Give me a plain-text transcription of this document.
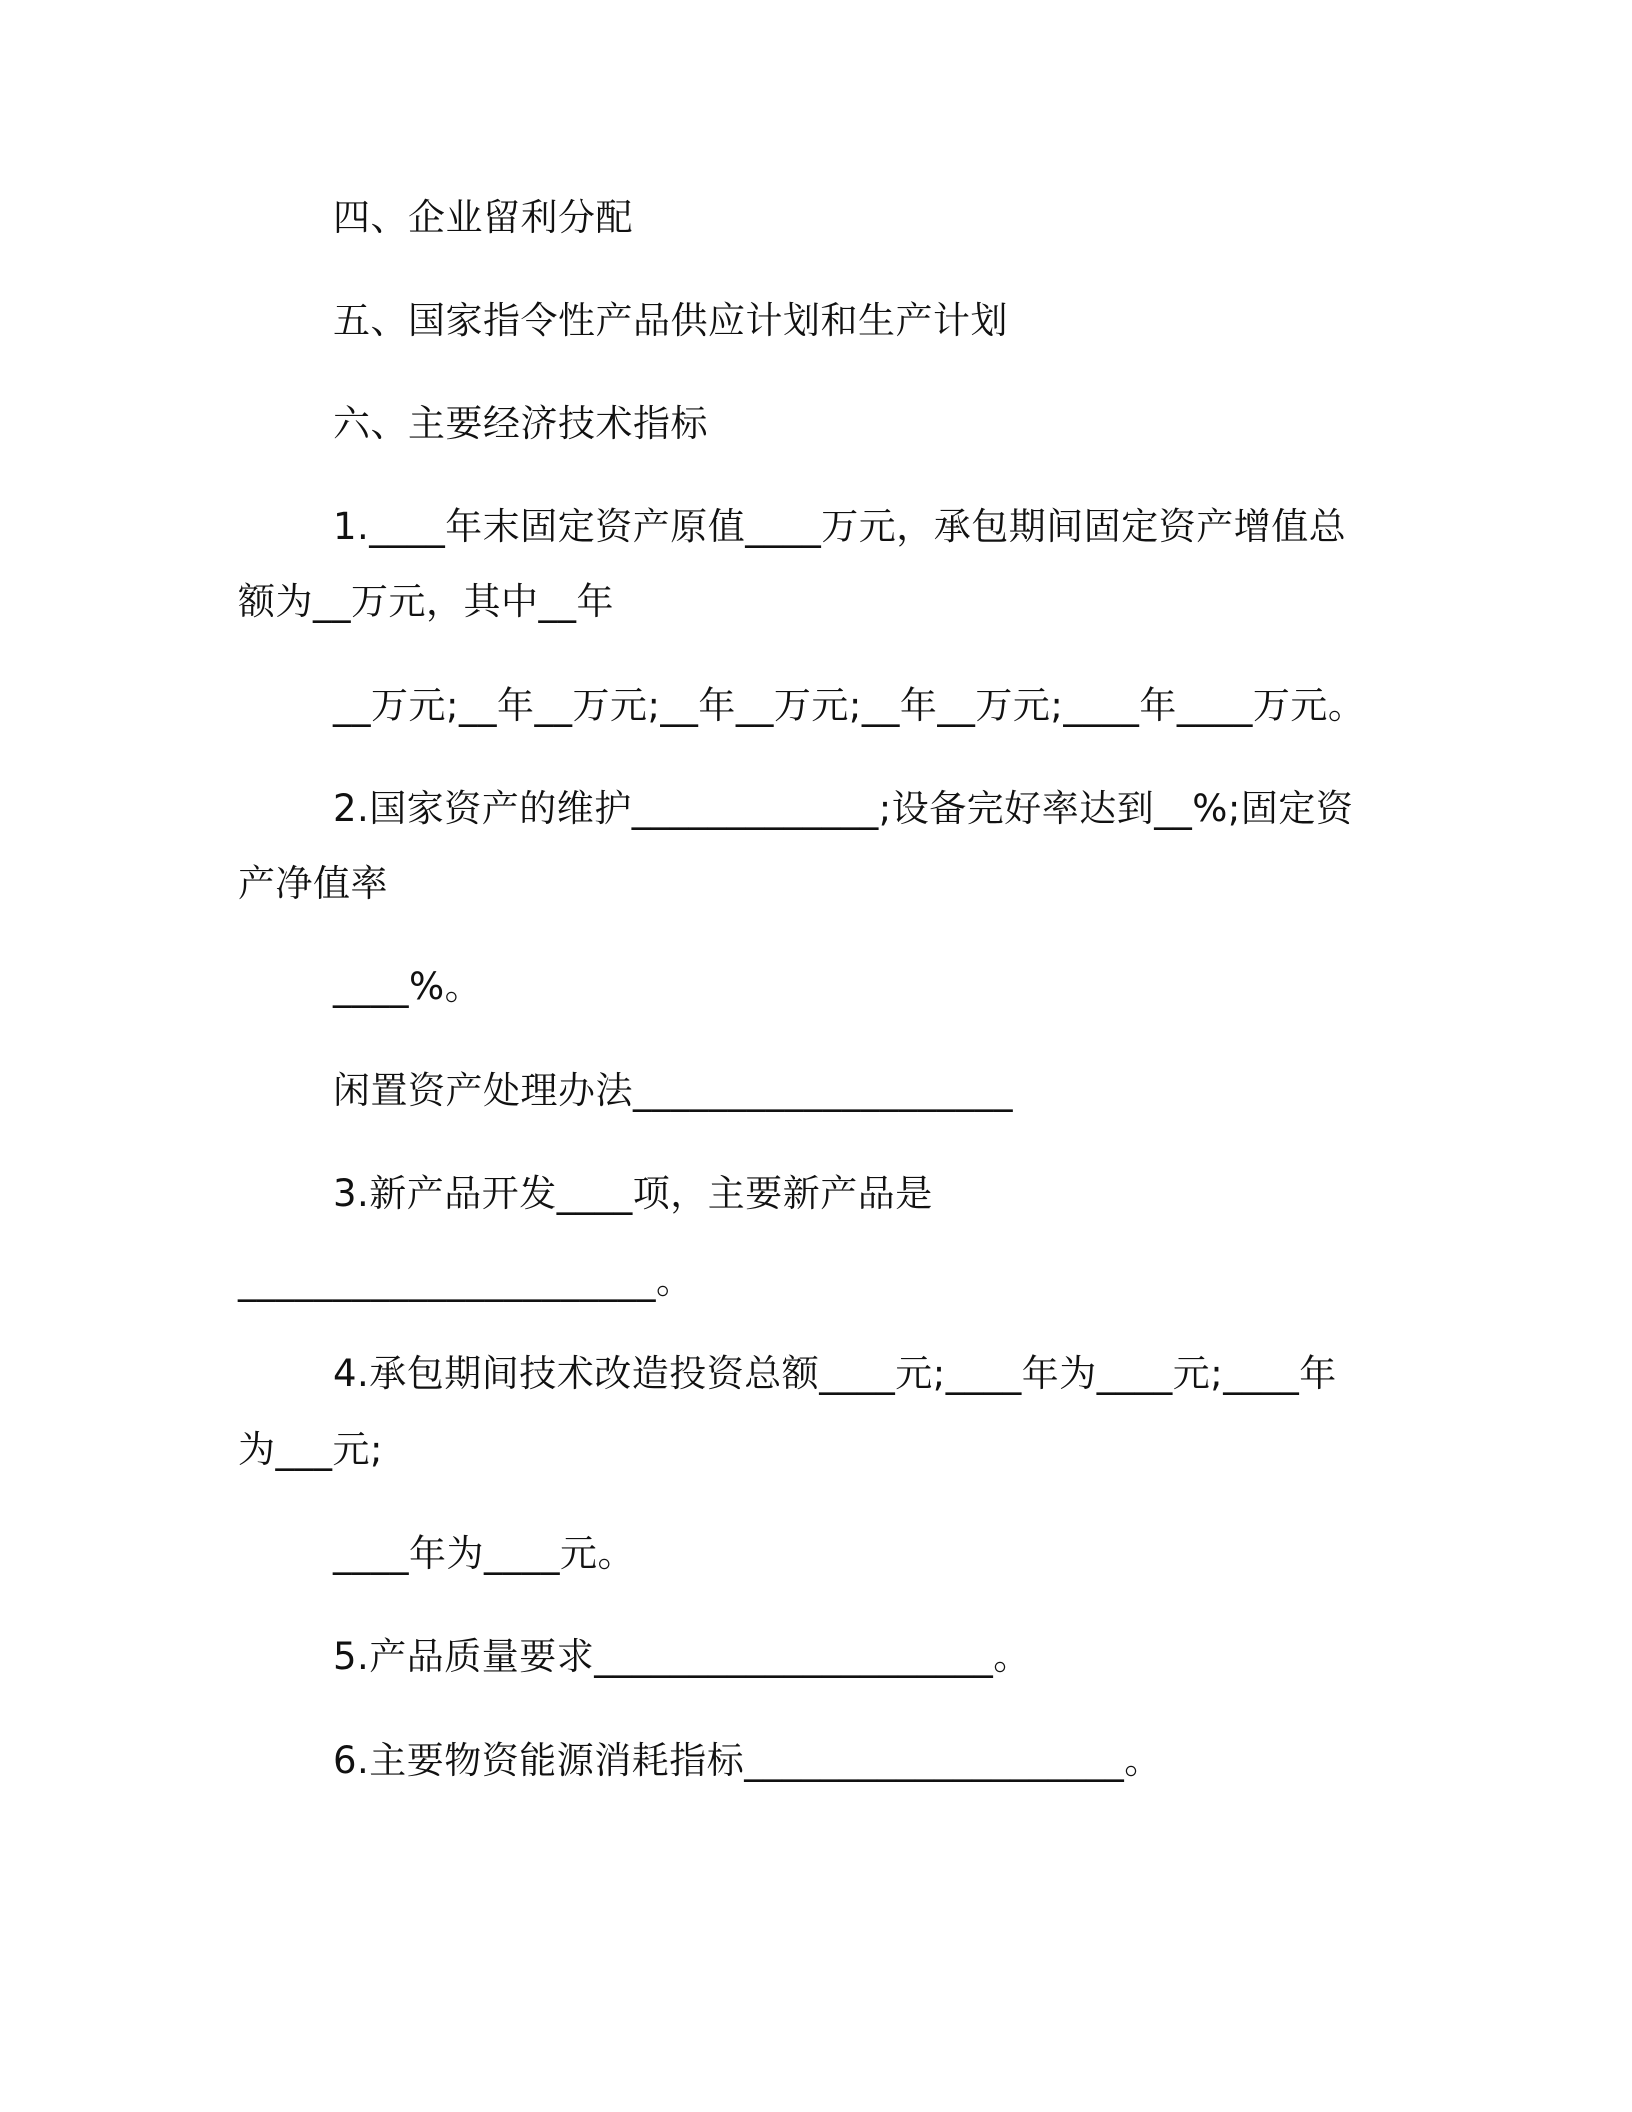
四、企业留利分配
五、国家指令性产品供应计划和生产计划
六、主要经济技术指标
1.____年末固定资产原值____万元，承包期间固定资产增值总
额为__万元，其中__年
__万元;__年__万元;__年__万元;__年__万元;____年____万元。
2.国家资产的维护_____________;设备完好率达到__%;固定资
产净值率
____%。
闲置资产处理办法____________________
3.新产品开发____项，主要新产品是
______________________。
4.承包期间技术改造投资总额____元;____年为____元;____年
为___元;
____年为____元。
5.产品质量要求_____________________。
6.主要物资能源消耗指标____________________。
